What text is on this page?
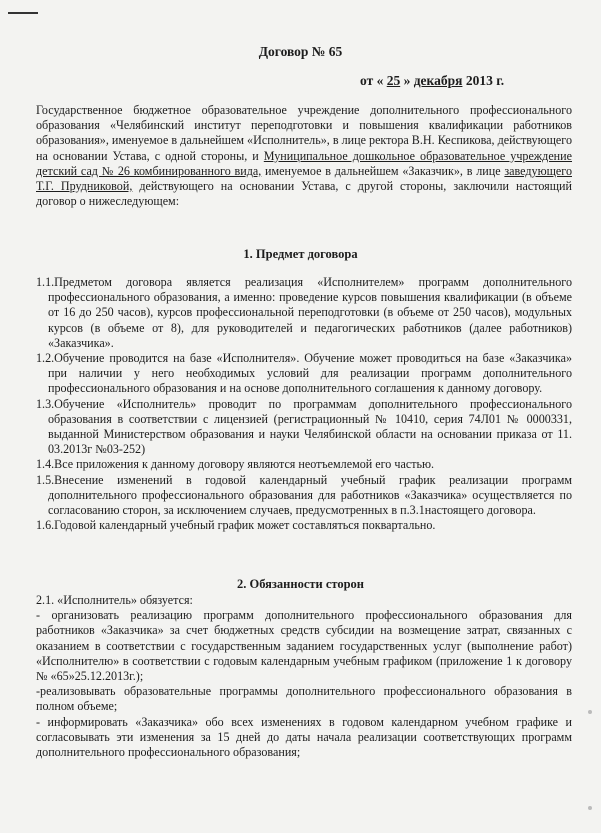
Договор № 65
от « 25 » декабря 2013 г.
Государственное бюджетное образовательное учреждение дополнительного профессионального образования «Челябинский институт переподготовки и повышения квалификации работников образования», именуемое в дальнейшем «Исполнитель», в лице ректора В.Н. Кеспикова, действующего на основании Устава, с одной стороны, и Муниципальное дошкольное образовательное учреждение детский сад № 26 комбинированного вида, именуемое в дальнейшем «Заказчик», в лице заведующего Т.Г. Прудниковой, действующего на основании Устава, с другой стороны, заключили настоящий договор о нижеследующем:
1. Предмет договора

1.1.Предметом договора является реализация «Исполнителем» программ дополнительного профессионального образования, а именно: проведение курсов повышения квалификации (в объеме от 16 до 250 часов), курсов профессиональной переподготовки (в объеме от 250 часов), модульных курсов (в объеме от 8), для руководителей и педагогических работников (далее работников) «Заказчика».

1.2.Обучение проводится на базе «Исполнителя». Обучение может проводиться на базе «Заказчика» при наличии у него необходимых условий для реализации программ дополнительного профессионального образования и на основе дополнительного соглашения к данному договору.

1.3.Обучение «Исполнитель» проводит по программам дополнительного профессионального образования в соответствии с лицензией (регистрационный № 10410, серия 74Л01 № 0000331, выданной Министерством образования и науки Челябинской области на основании приказа от 11. 03.2013г №03-252)

1.4.Все приложения к данному договору являются неотъемлемой его частью.

1.5.Внесение изменений в годовой календарный учебный график реализации программ дополнительного профессионального образования для работников «Заказчика» осуществляется по согласованию сторон, за исключением случаев, предусмотренных в п.3.1настоящего договора.

1.6.Годовой календарный учебный график может составляться поквартально.

2. Обязанности сторон

2.1. «Исполнитель» обязуется:

- организовать реализацию программ дополнительного профессионального образования для работников «Заказчика» за счет бюджетных средств субсидии на возмещение затрат, связанных с оказанием в соответствии с государственным заданием государственных услуг (выполнение работ) «Исполнителю» в соответствии с годовым календарным учебным графиком (приложение 1 к договору № «65»25.12.2013г.);

-реализовывать образовательные программы дополнительного профессионального образования в полном объеме;

- информировать «Заказчика» обо всех изменениях в годовом календарном учебном графике и согласовывать эти изменения за 15 дней до даты начала реализации соответствующих программ дополнительного профессионального образования;
